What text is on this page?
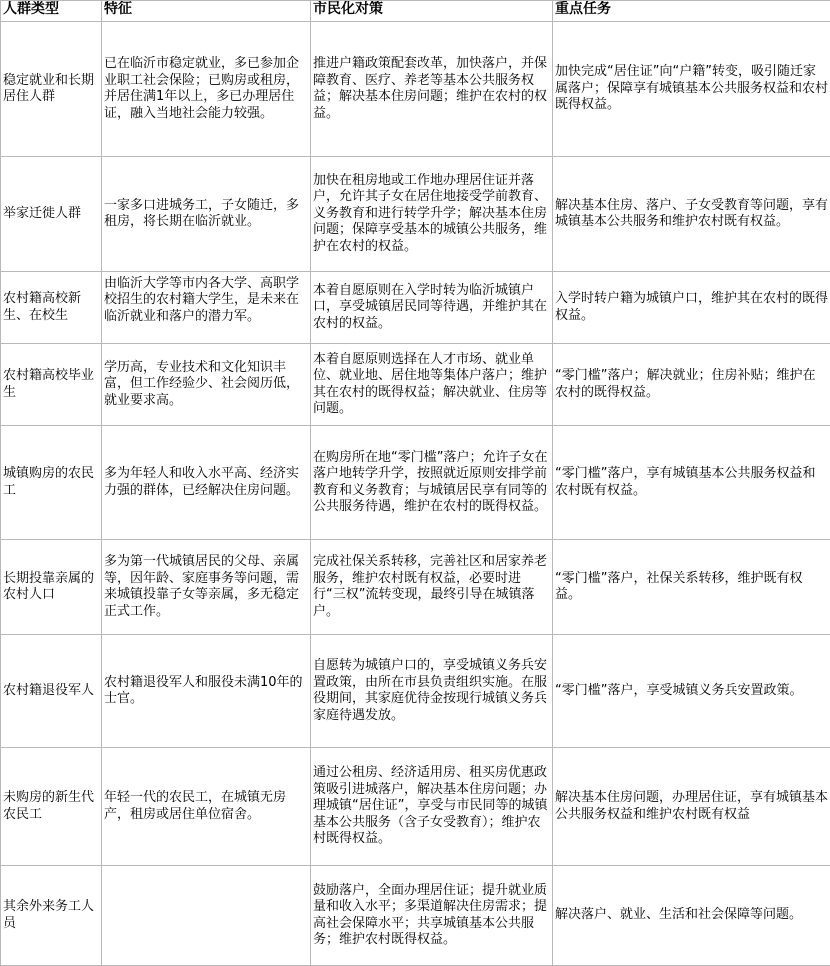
人群类型	特征	市民化对策	重点任务
稳定就业和长期居住人群	已在临沂市稳定就业，多已参加企业职工社会保险；已购房或租房，并居住满1年以上，多已办理居住证，融入当地社会能力较强。	推进户籍政策配套改革，加快落户，并保障教育、医疗、养老等基本公共服务权益；解决基本住房问题；维护在农村的权益。	加快完成“居住证”向“户籍”转变，吸引随迁家属落户；保障享有城镇基本公共服务权益和农村既得权益。
举家迁徙人群	一家多口进城务工，子女随迁，多租房，将长期在临沂就业。	加快在租房地或工作地办理居住证并落户，允许其子女在居住地接受学前教育、义务教育和进行转学升学；解决基本住房问题；保障享受基本的城镇公共服务，维护在农村的权益。	解决基本住房、落户、子女受教育等问题，享有城镇基本公共服务和维护农村既有权益。
农村籍高校新生、在校生	由临沂大学等市内各大学、高职学校招生的农村籍大学生，是未来在临沂就业和落户的潜力军。	本着自愿原则在入学时转为临沂城镇户口，享受城镇居民同等待遇，并维护其在农村的权益。	入学时转户籍为城镇户口，维护其在农村的既得权益。
农村籍高校毕业生	学历高，专业技术和文化知识丰富，但工作经验少、社会阅历低，就业要求高。	本着自愿原则选择在人才市场、就业单位、就业地、居住地等集体户落户；维护其在农村的既得权益；解决就业、住房等问题。	“零门槛”落户；解决就业；住房补贴；维护在农村的既得权益。
城镇购房的农民工	多为年轻人和收入水平高、经济实力强的群体，已经解决住房问题。	在购房所在地“零门槛”落户；允许子女在落户地转学升学，按照就近原则安排学前教育和义务教育；与城镇居民享有同等的公共服务待遇，维护在农村的既得权益。	“零门槛”落户，享有城镇基本公共服务权益和农村既有权益。
长期投靠亲属的农村人口	多为第一代城镇居民的父母、亲属等，因年龄、家庭事务等问题，需来城镇投靠子女等亲属，多无稳定正式工作。	完成社保关系转移，完善社区和居家养老服务，维护农村既有权益，必要时进行“三权”流转变现，最终引导在城镇落户。	“零门槛”落户，社保关系转移，维护既有权益。
农村籍退役军人	农村籍退役军人和服役未满10年的士官。	自愿转为城镇户口的，享受城镇义务兵安置政策，由所在市县负责组织实施。在服役期间，其家庭优待金按现行城镇义务兵家庭待遇发放。	“零门槛”落户，享受城镇义务兵安置政策。
未购房的新生代农民工	年轻一代的农民工，在城镇无房产，租房或居住单位宿舍。	通过公租房、经济适用房、租买房优惠政策吸引进城落户，解决基本住房问题；办理城镇“居住证”，享受与市民同等的城镇基本公共服务（含子女受教育）；维护农村既得权益。	解决基本住房问题，办理居住证，享有城镇基本公共服务权益和维护农村既有权益
其余外来务工人员		鼓励落户，全面办理居住证；提升就业质量和收入水平；多渠道解决住房需求；提高社会保障水平；共享城镇基本公共服务；维护农村既得权益。	解决落户、就业、生活和社会保障等问题。
